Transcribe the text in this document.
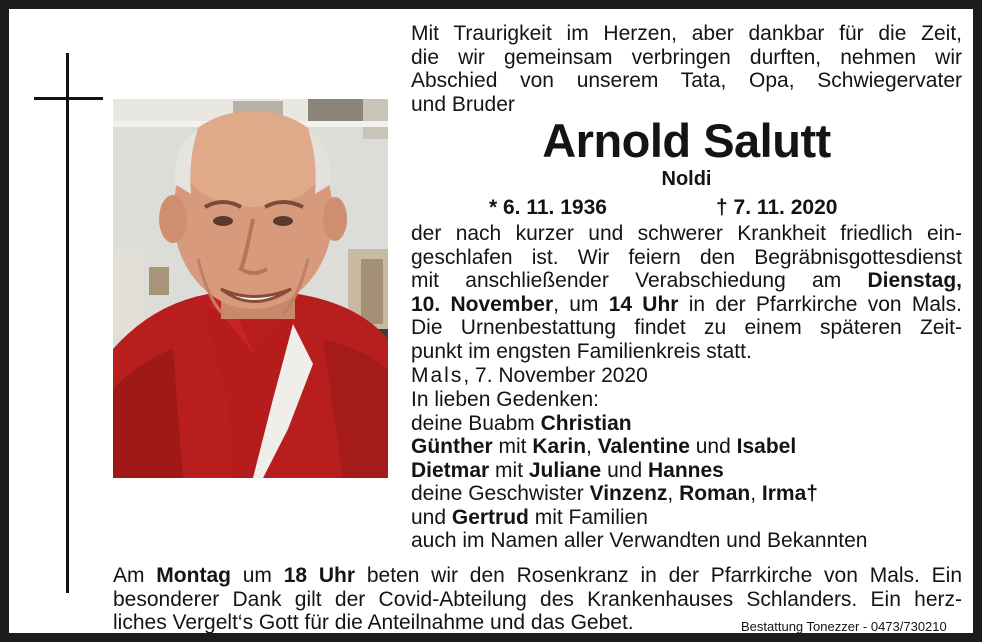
Mit Traurigkeit im Herzen, aber dankbar für die Zeit,
die wir gemeinsam verbringen durften, nehmen wir
Abschied von unserem Tata, Opa, Schwiegervater
und Bruder
Arnold Salutt
Noldi
* 6. 11. 1936	† 7. 11. 2020
der nach kurzer und schwerer Krankheit friedlich ein-
geschlafen ist. Wir feiern den Begräbnisgottesdienst
mit anschließender Verabschiedung am Dienstag,
10. November, um 14 Uhr in der Pfarrkirche von Mals.
Die Urnenbestattung findet zu einem späteren Zeit-
punkt im engsten Familienkreis statt.
Mals, 7. November 2020
In lieben Gedenken:
deine Buabm Christian
Günther mit Karin, Valentine und Isabel
Dietmar mit Juliane und Hannes
deine Geschwister Vinzenz, Roman, Irma†
und Gertrud mit Familien
auch im Namen aller Verwandten und Bekannten
Am Montag um 18 Uhr beten wir den Rosenkranz in der Pfarrkirche von Mals. Ein
besonderer Dank gilt der Covid-Abteilung des Krankenhauses Schlanders. Ein herz-
liches Vergelt‘s Gott für die Anteilnahme und das Gebet.	Bestattung Tonezzer - 0473/730210
